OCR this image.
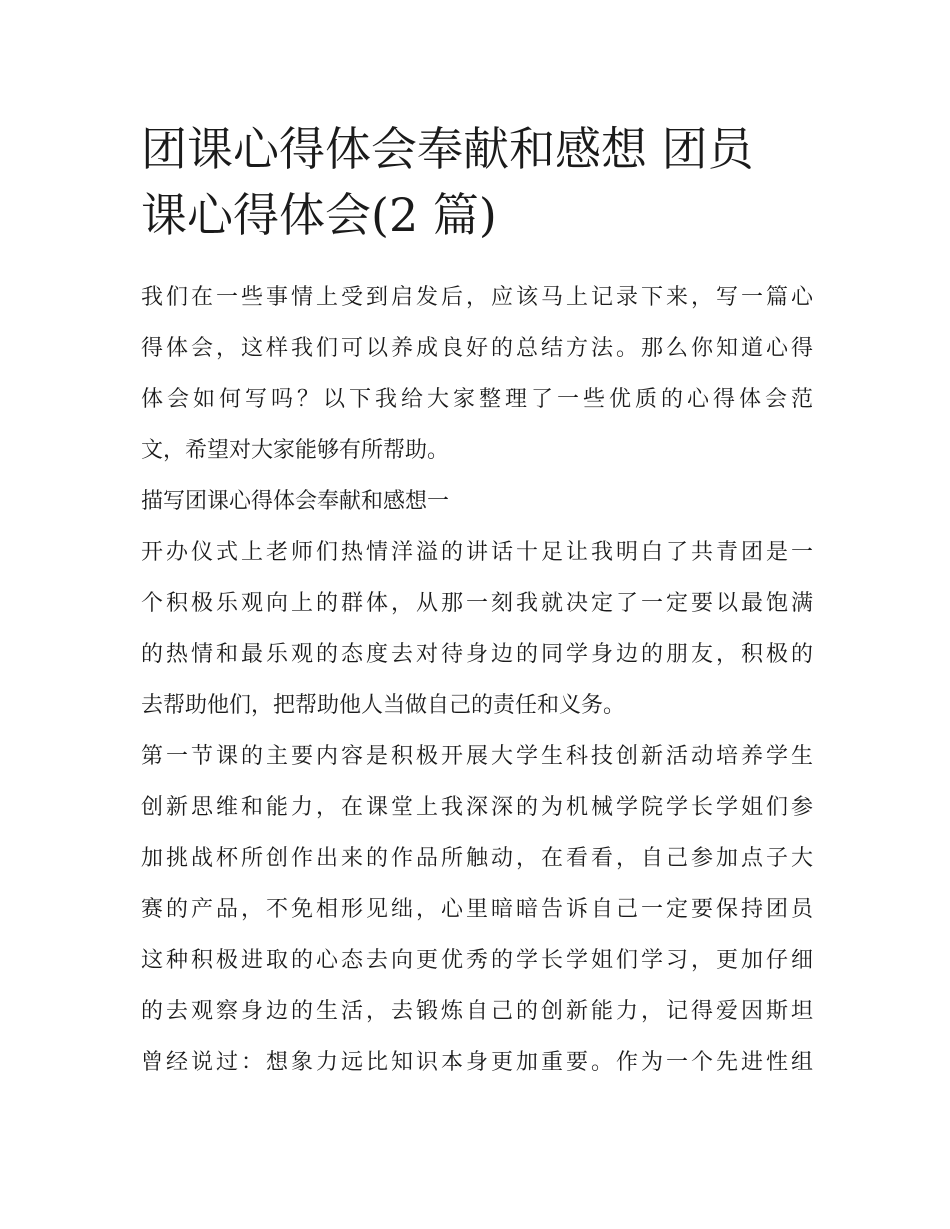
团课心得体会奉献和感想 团员
课心得体会(2 篇)

我们在一些事情上受到启发后，应该马上记录下来，写一篇心
得体会，这样我们可以养成良好的总结方法。那么你知道心得
体会如何写吗？以下我给大家整理了一些优质的心得体会范
文，希望对大家能够有所帮助。

描写团课心得体会奉献和感想一

开办仪式上老师们热情洋溢的讲话十足让我明白了共青团是一
个积极乐观向上的群体，从那一刻我就决定了一定要以最饱满
的热情和最乐观的态度去对待身边的同学身边的朋友，积极的
去帮助他们，把帮助他人当做自己的责任和义务。

第一节课的主要内容是积极开展大学生科技创新活动培养学生
创新思维和能力，在课堂上我深深的为机械学院学长学姐们参
加挑战杯所创作出来的作品所触动，在看看，自己参加点子大
赛的产品，不免相形见绌，心里暗暗告诉自己一定要保持团员
这种积极进取的心态去向更优秀的学长学姐们学习，更加仔细
的去观察身边的生活，去锻炼自己的创新能力，记得爱因斯坦
曾经说过：想象力远比知识本身更加重要。作为一个先进性组
